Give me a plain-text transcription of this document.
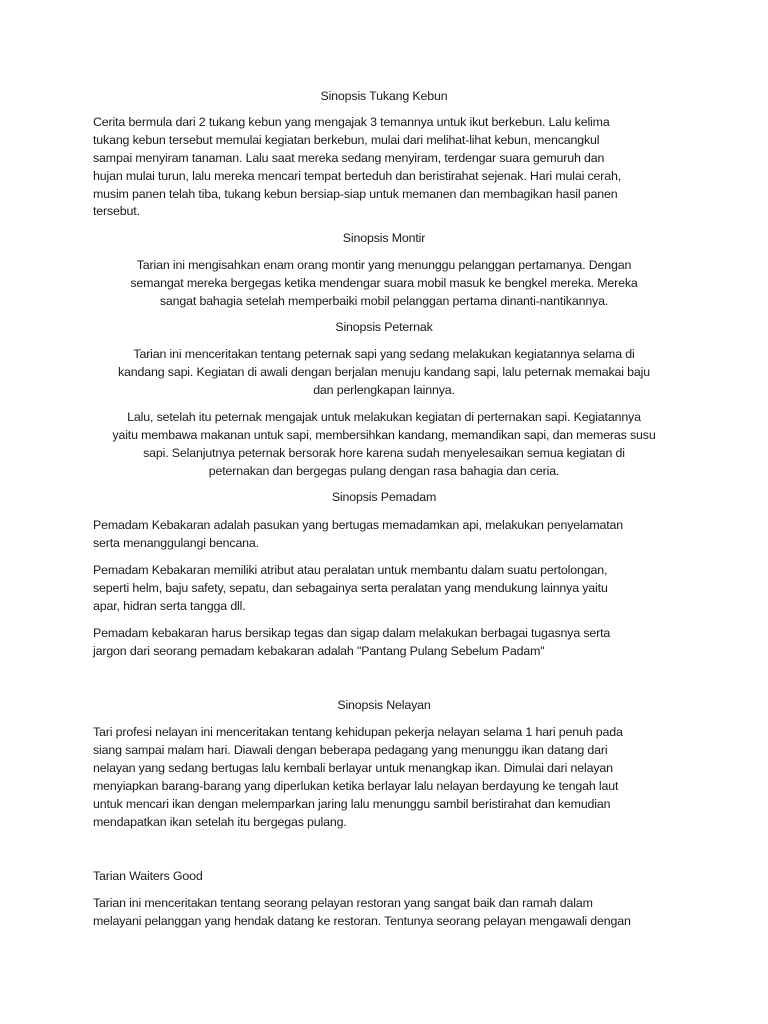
Sinopsis Tukang Kebun
Cerita bermula dari 2 tukang kebun yang mengajak 3 temannya untuk ikut berkebun. Lalu kelima
tukang kebun tersebut memulai kegiatan berkebun, mulai dari melihat-lihat kebun, mencangkul
sampai menyiram tanaman. Lalu saat mereka sedang menyiram, terdengar suara gemuruh dan
hujan mulai turun, lalu mereka mencari tempat berteduh dan beristirahat sejenak. Hari mulai cerah,
musim panen telah tiba, tukang kebun bersiap-siap untuk memanen dan membagikan hasil panen
tersebut.
Sinopsis Montir
Tarian ini mengisahkan enam orang montir yang menunggu pelanggan pertamanya. Dengan
semangat mereka bergegas ketika mendengar suara mobil masuk ke bengkel mereka. Mereka
sangat bahagia setelah memperbaiki mobil pelanggan pertama dinanti-nantikannya.
Sinopsis Peternak
Tarian ini menceritakan tentang peternak sapi yang sedang melakukan kegiatannya selama di
kandang sapi. Kegiatan di awali dengan berjalan menuju kandang sapi, lalu peternak memakai baju
dan perlengkapan lainnya.
Lalu, setelah itu peternak mengajak untuk melakukan kegiatan di perternakan sapi. Kegiatannya
yaitu membawa makanan untuk sapi, membersihkan kandang, memandikan sapi, dan memeras susu
sapi. Selanjutnya peternak bersorak hore karena sudah menyelesaikan semua kegiatan di
peternakan dan bergegas pulang dengan rasa bahagia dan ceria.
Sinopsis Pemadam
Pemadam Kebakaran adalah pasukan yang bertugas memadamkan api, melakukan penyelamatan
serta menanggulangi bencana.
Pemadam Kebakaran memiliki atribut atau peralatan untuk membantu dalam suatu pertolongan,
seperti helm, baju safety, sepatu, dan sebagainya serta peralatan yang mendukung lainnya yaitu
apar, hidran serta tangga dll.
Pemadam kebakaran harus bersikap tegas dan sigap dalam melakukan berbagai tugasnya serta
jargon dari seorang pemadam kebakaran adalah "Pantang Pulang Sebelum Padam"
Sinopsis Nelayan
Tari profesi nelayan ini menceritakan tentang kehidupan pekerja nelayan selama 1 hari penuh pada
siang sampai malam hari. Diawali dengan beberapa pedagang yang menunggu ikan datang dari
nelayan yang sedang bertugas lalu kembali berlayar untuk menangkap ikan. Dimulai dari nelayan
menyiapkan barang-barang yang diperlukan ketika berlayar lalu nelayan berdayung ke tengah laut
untuk mencari ikan dengan melemparkan jaring lalu menunggu sambil beristirahat dan kemudian
mendapatkan ikan setelah itu bergegas pulang.
Tarian Waiters Good
Tarian ini menceritakan tentang seorang pelayan restoran yang sangat baik dan ramah dalam
melayani pelanggan yang hendak datang ke restoran. Tentunya seorang pelayan mengawali dengan
